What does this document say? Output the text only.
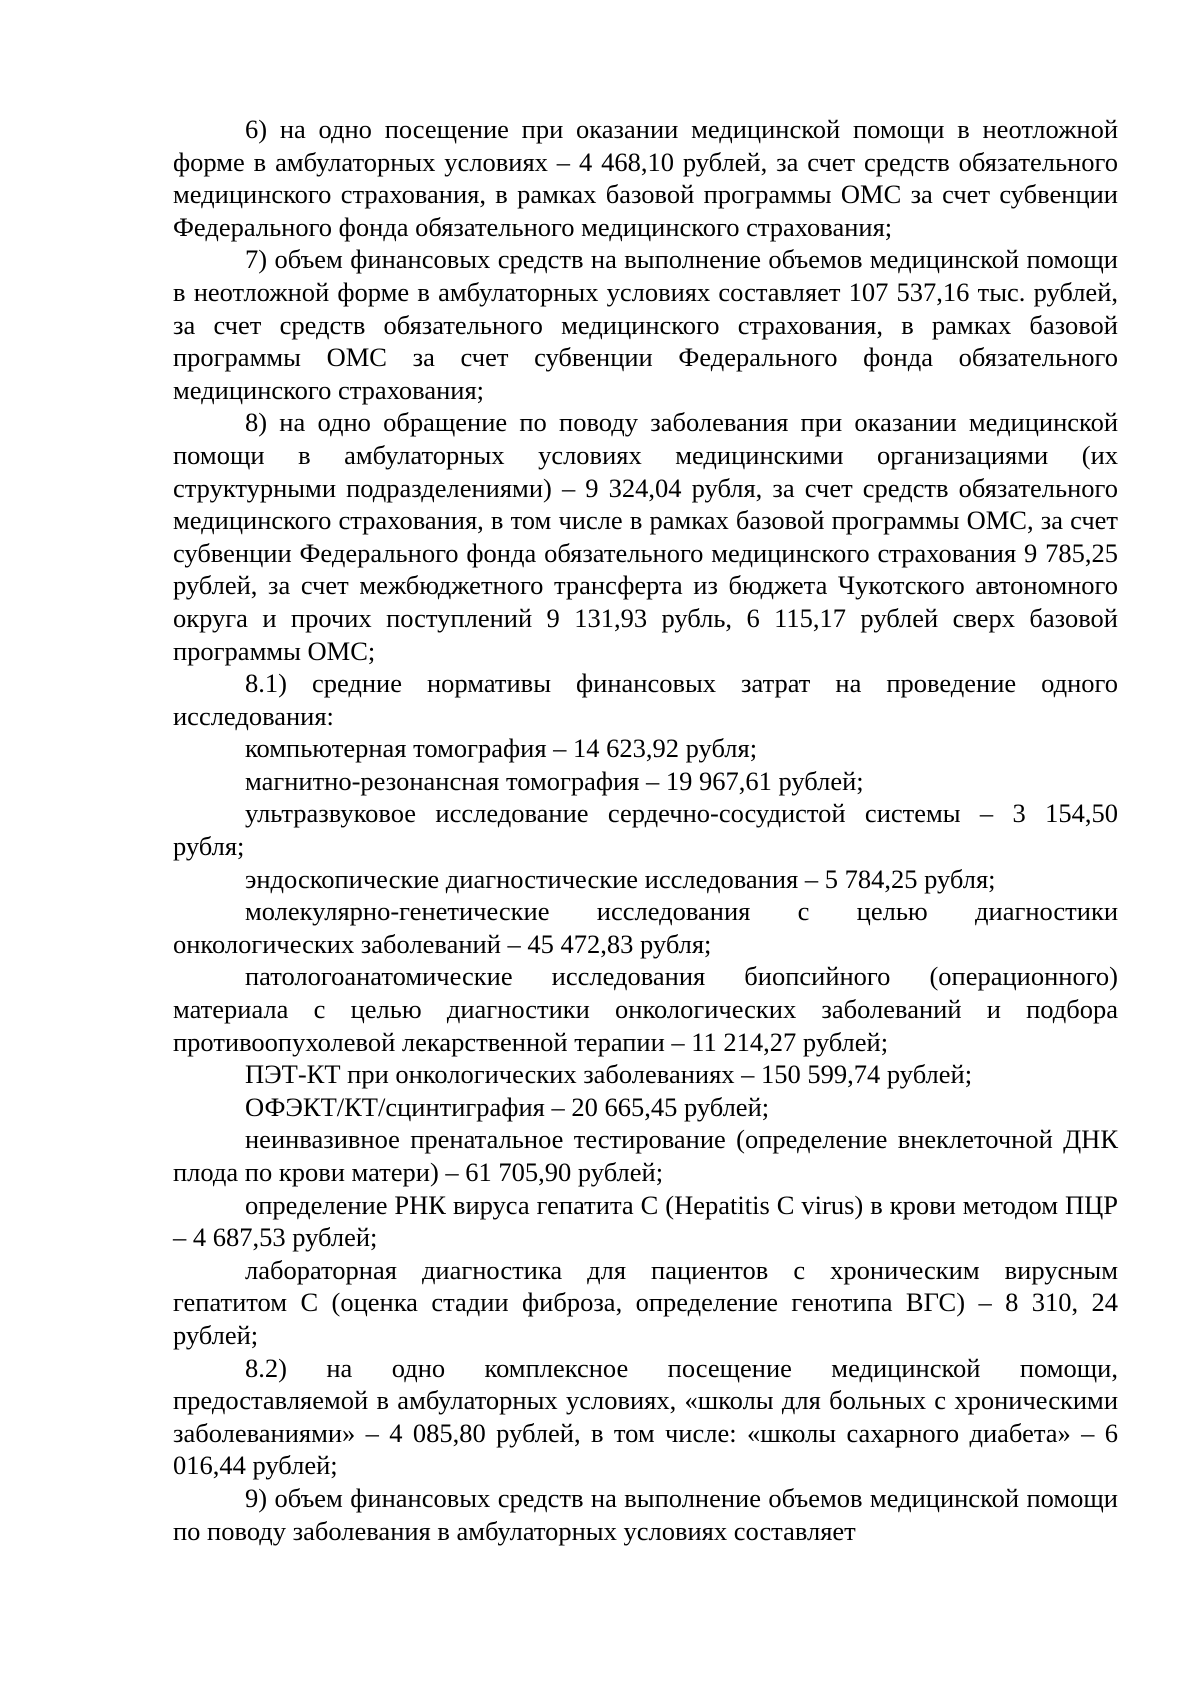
6) на одно посещение при оказании медицинской помощи в неотложной форме в амбулаторных условиях – 4 468,10 рублей, за счет средств обязательного медицинского страхования, в рамках базовой программы ОМС за счет субвенции Федерального фонда обязательного медицинского страхования;

7) объем финансовых средств на выполнение объемов медицинской помощи в неотложной форме в амбулаторных условиях составляет 107 537,16 тыс. рублей, за счет средств обязательного медицинского страхования, в рамках базовой программы ОМС за счет субвенции Федерального фонда обязательного медицинского страхования;

8) на одно обращение по поводу заболевания при оказании медицинской помощи в амбулаторных условиях медицинскими организациями (их структурными подразделениями) – 9 324,04 рубля, за счет средств обязательного медицинского страхования, в том числе в рамках базовой программы ОМС, за счет субвенции Федерального фонда обязательного медицинского страхования 9 785,25 рублей, за счет межбюджетного трансферта из бюджета Чукотского автономного округа и прочих поступлений 9 131,93 рубль, 6 115,17 рублей сверх базовой программы ОМС;

8.1) средние нормативы финансовых затрат на проведение одного исследования:

компьютерная томография – 14 623,92 рубля;

магнитно-резонансная томография – 19 967,61 рублей;

ультразвуковое исследование сердечно-сосудистой системы – 3 154,50 рубля;

эндоскопические диагностические исследования – 5 784,25 рубля;

молекулярно-генетические исследования с целью диагностики онкологических заболеваний – 45 472,83 рубля;

патологоанатомические исследования биопсийного (операционного) материала с целью диагностики онкологических заболеваний и подбора противоопухолевой лекарственной терапии – 11 214,27 рублей;

ПЭТ-КТ при онкологических заболеваниях – 150 599,74 рублей;

ОФЭКТ/КТ/сцинтиграфия – 20 665,45 рублей;

неинвазивное пренатальное тестирование (определение внеклеточной ДНК плода по крови матери) – 61 705,90 рублей;

определение РНК вируса гепатита С (Hepatitis C virus) в крови методом ПЦР – 4 687,53 рублей;

лабораторная диагностика для пациентов с хроническим вирусным гепатитом С (оценка стадии фиброза, определение генотипа ВГС) – 8 310, 24 рублей;

8.2) на одно комплексное посещение медицинской помощи, предоставляемой в амбулаторных условиях, «школы для больных с хроническими заболеваниями» – 4 085,80 рублей, в том числе: «школы сахарного диабета» – 6 016,44 рублей;

9) объем финансовых средств на выполнение объемов медицинской помощи по поводу заболевания в амбулаторных условиях составляет
